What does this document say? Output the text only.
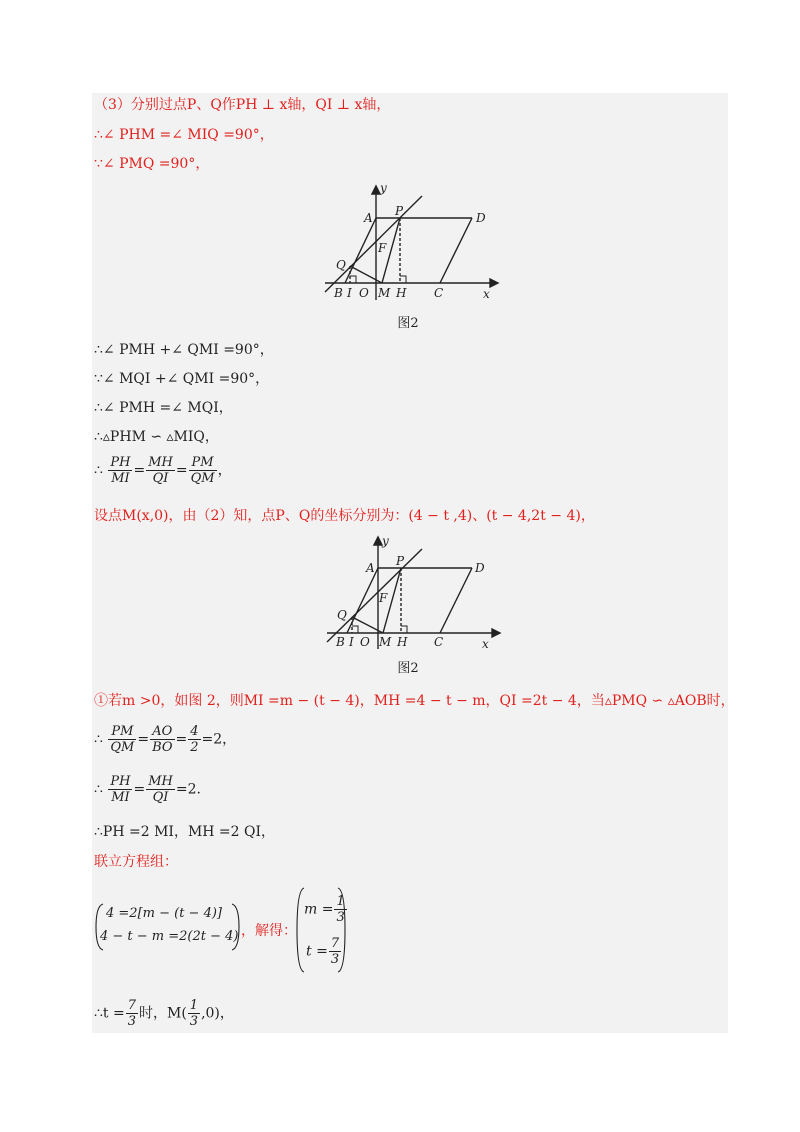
（3）分别过点P、Q作PH ⊥ x轴，QI ⊥ x轴，
∴∠ PHM =∠ MIQ =90°，
∵∠ PMQ =90°，
y
A P	D
F
Q
B I O M H C	x
图2
∴∠ PMH +∠ QMI =90°，
∵∠ MQI +∠ QMI =90°，
∴∠ PMH =∠ MQI，
∴▵PHM ∽ ▵MIQ，
∴ $\frac{PH}{MI} = \frac{MH}{QI} = \frac{PM}{QM}$ ，
设点M(x,0)，由（2）知，点P、Q的坐标分别为：(4 − t ,4)、(t − 4,2t − 4)，
y
A P	D
F
Q
B I O M H C	x
图2
①若m >0，如图 2，则MI =m − (t − 4)，MH =4 − t − m，QI =2t − 4，当▵PMQ ∽ ▵AOB时，
∴ $\frac{PM}{QM} = \frac{AO}{BO} = \frac{4}{2} =2$，
∴ $\frac{PH}{MI} = \frac{MH}{QI} =2$.
∴PH =2 MI，MH =2 QI，
联立方程组：
4 =2[m − (t − 4)]
4 − t − m =2(2t − 4) ，解得：
$m = \frac{1}{3}$
$t = \frac{7}{3}$
∴t = $\frac{7}{3}$ 时，$M( \frac{1}{3} ,0)$，
